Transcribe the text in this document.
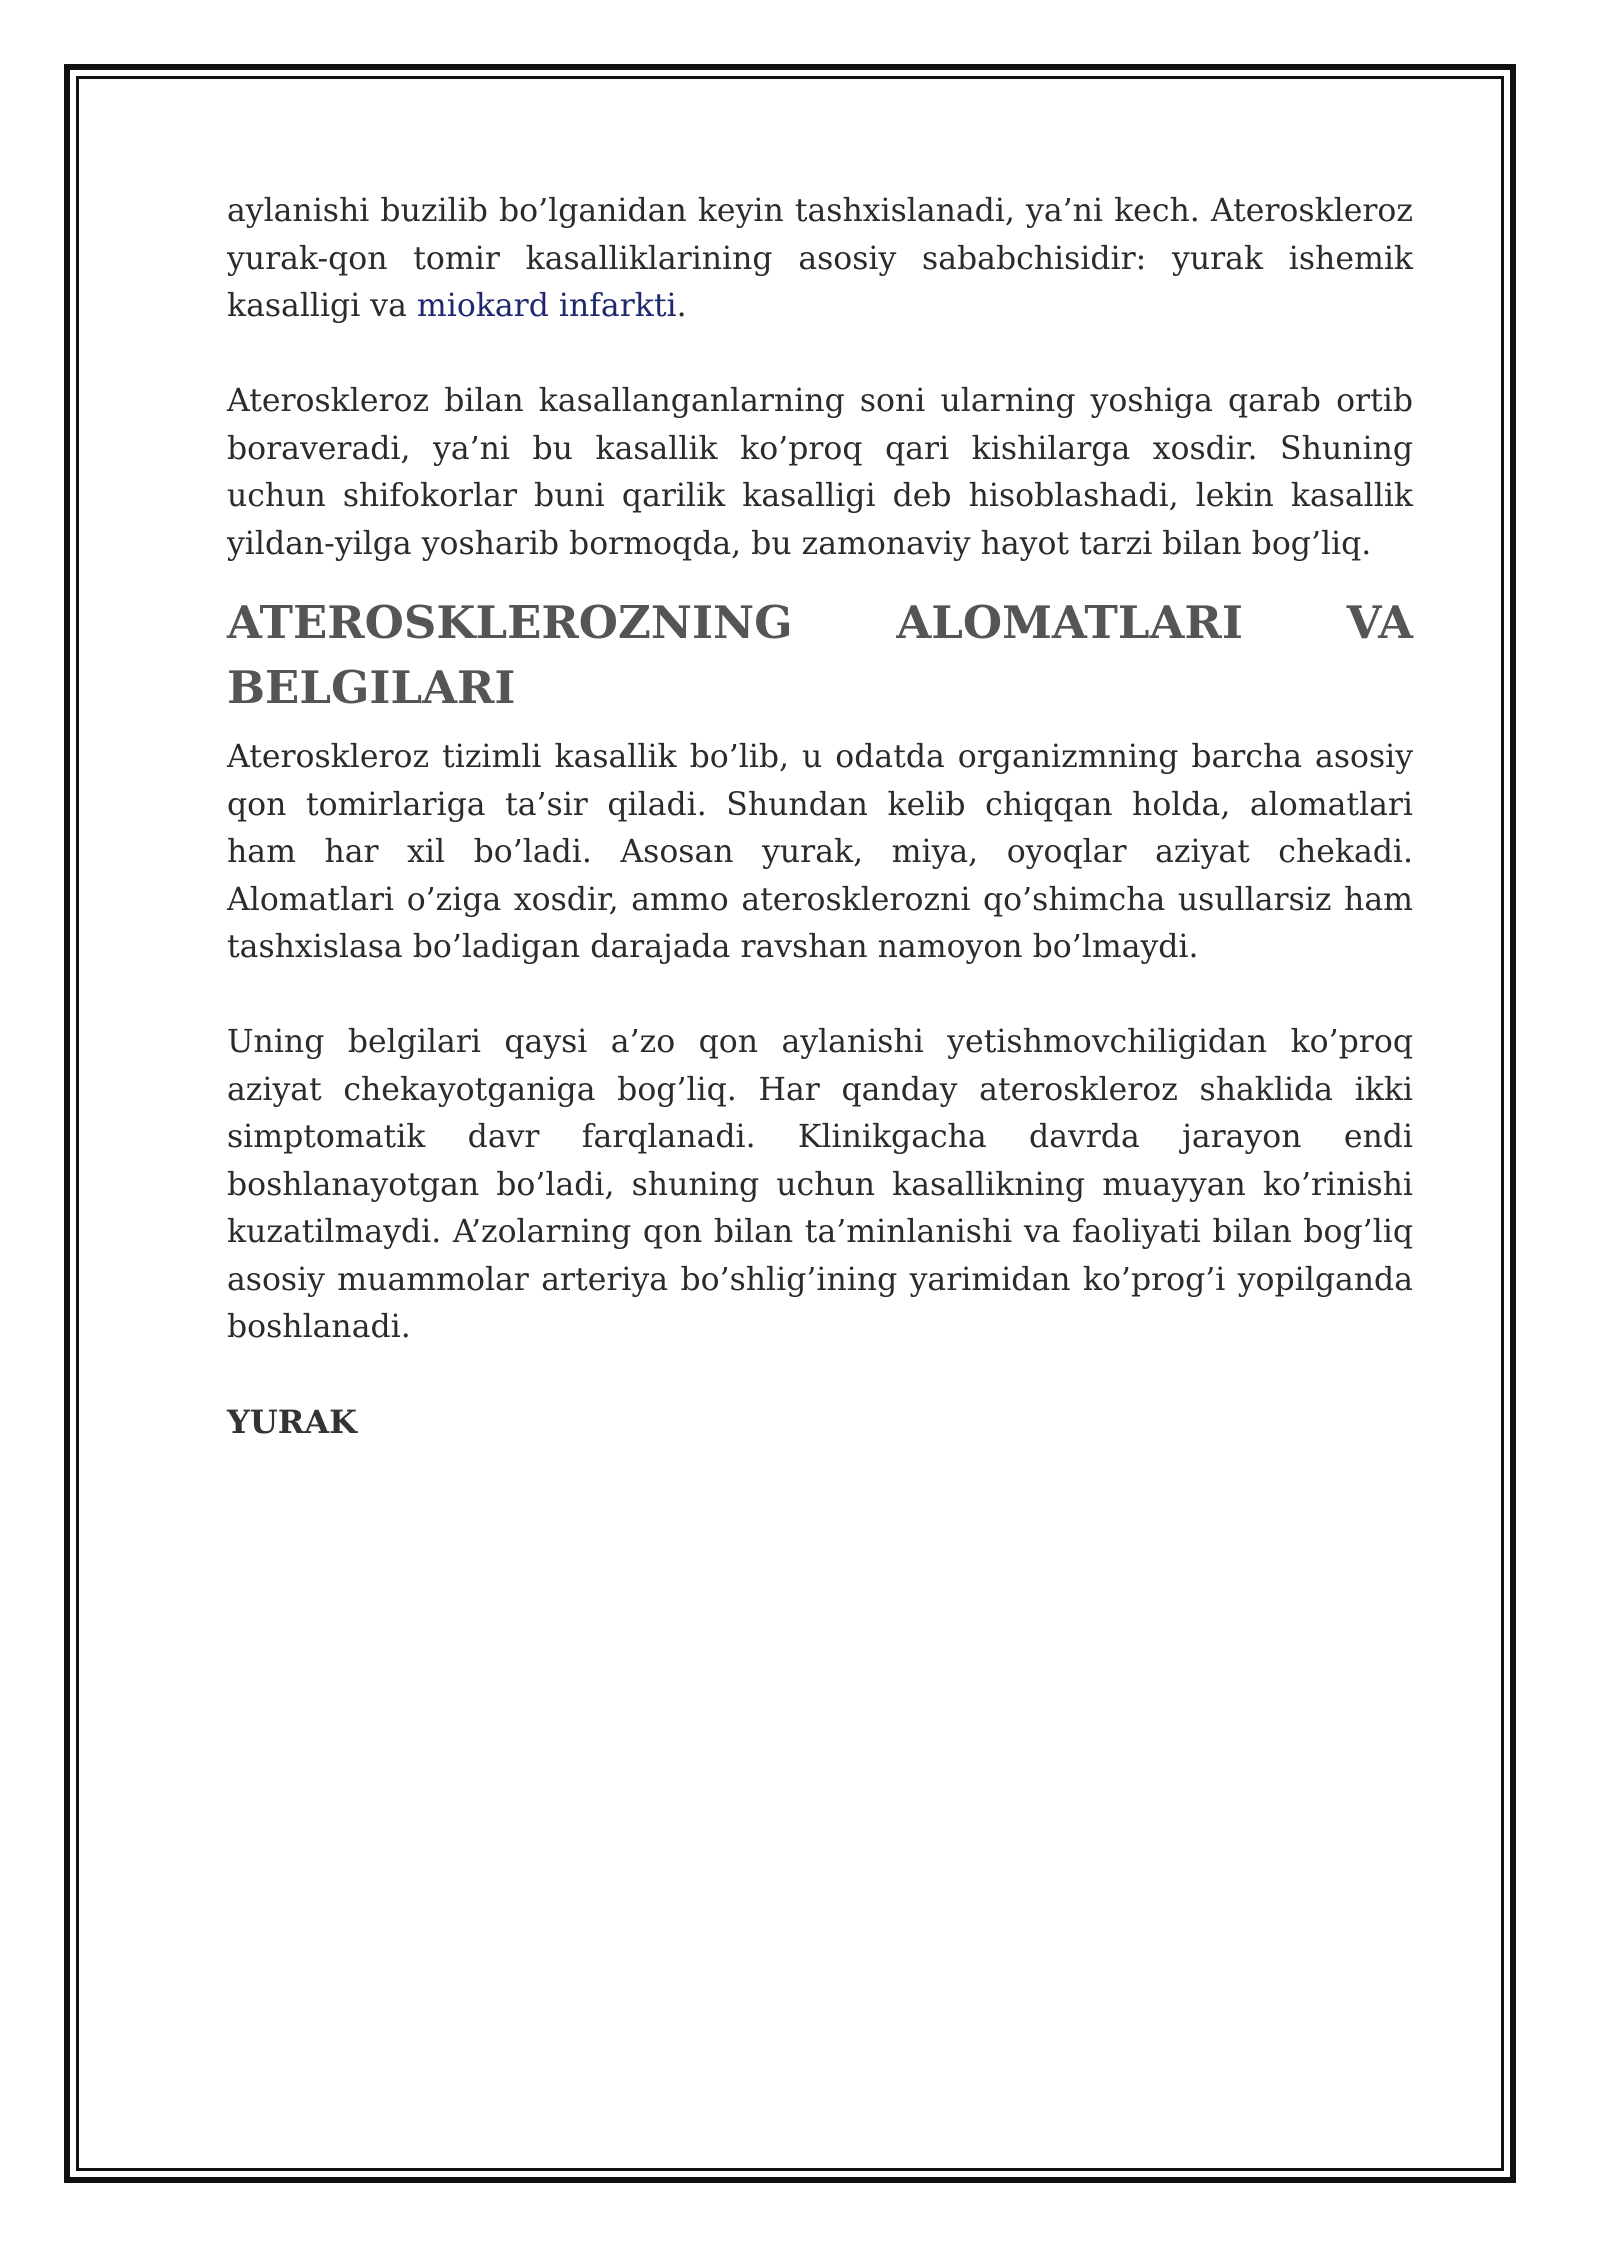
aylanishi buzilib bo’lganidan keyin tashxislanadi, ya’ni kech. Ateroskleroz yurak-qon tomir kasalliklarining asosiy sababchisidir: yurak ishemik kasalligi va miokard infarkti.

Ateroskleroz bilan kasallanganlarning soni ularning yoshiga qarab ortib boraveradi, ya’ni bu kasallik ko’proq qari kishilarga xosdir. Shuning uchun shifokorlar buni qarilik kasalligi deb hisoblashadi, lekin kasallik yildan-yilga yosharib bormoqda, bu zamonaviy hayot tarzi bilan bog’liq.

ATEROSKLEROZNING ALOMATLARI VA BELGILARI

Ateroskleroz tizimli kasallik bo’lib, u odatda organizmning barcha asosiy qon tomirlariga ta’sir qiladi. Shundan kelib chiqqan holda, alomatlari ham har xil bo’ladi. Asosan yurak, miya, oyoqlar aziyat chekadi. Alomatlari o’ziga xosdir, ammo aterosklerozni qo’shimcha usullarsiz ham tashxislasa bo’ladigan darajada ravshan namoyon bo’lmaydi.

Uning belgilari qaysi a’zo qon aylanishi yetishmovchiligidan ko’proq aziyat chekayotganiga bog’liq. Har qanday ateroskleroz shaklida ikki simptomatik davr farqlanadi. Klinikgacha davrda jarayon endi boshlanayotgan bo’ladi, shuning uchun kasallikning muayyan ko’rinishi kuzatilmaydi. A’zolarning qon bilan ta’minlanishi va faoliyati bilan bog’liq asosiy muammolar arteriya bo’shlig’ining yarimidan ko’prog’i yopilganda boshlanadi.

YURAK
